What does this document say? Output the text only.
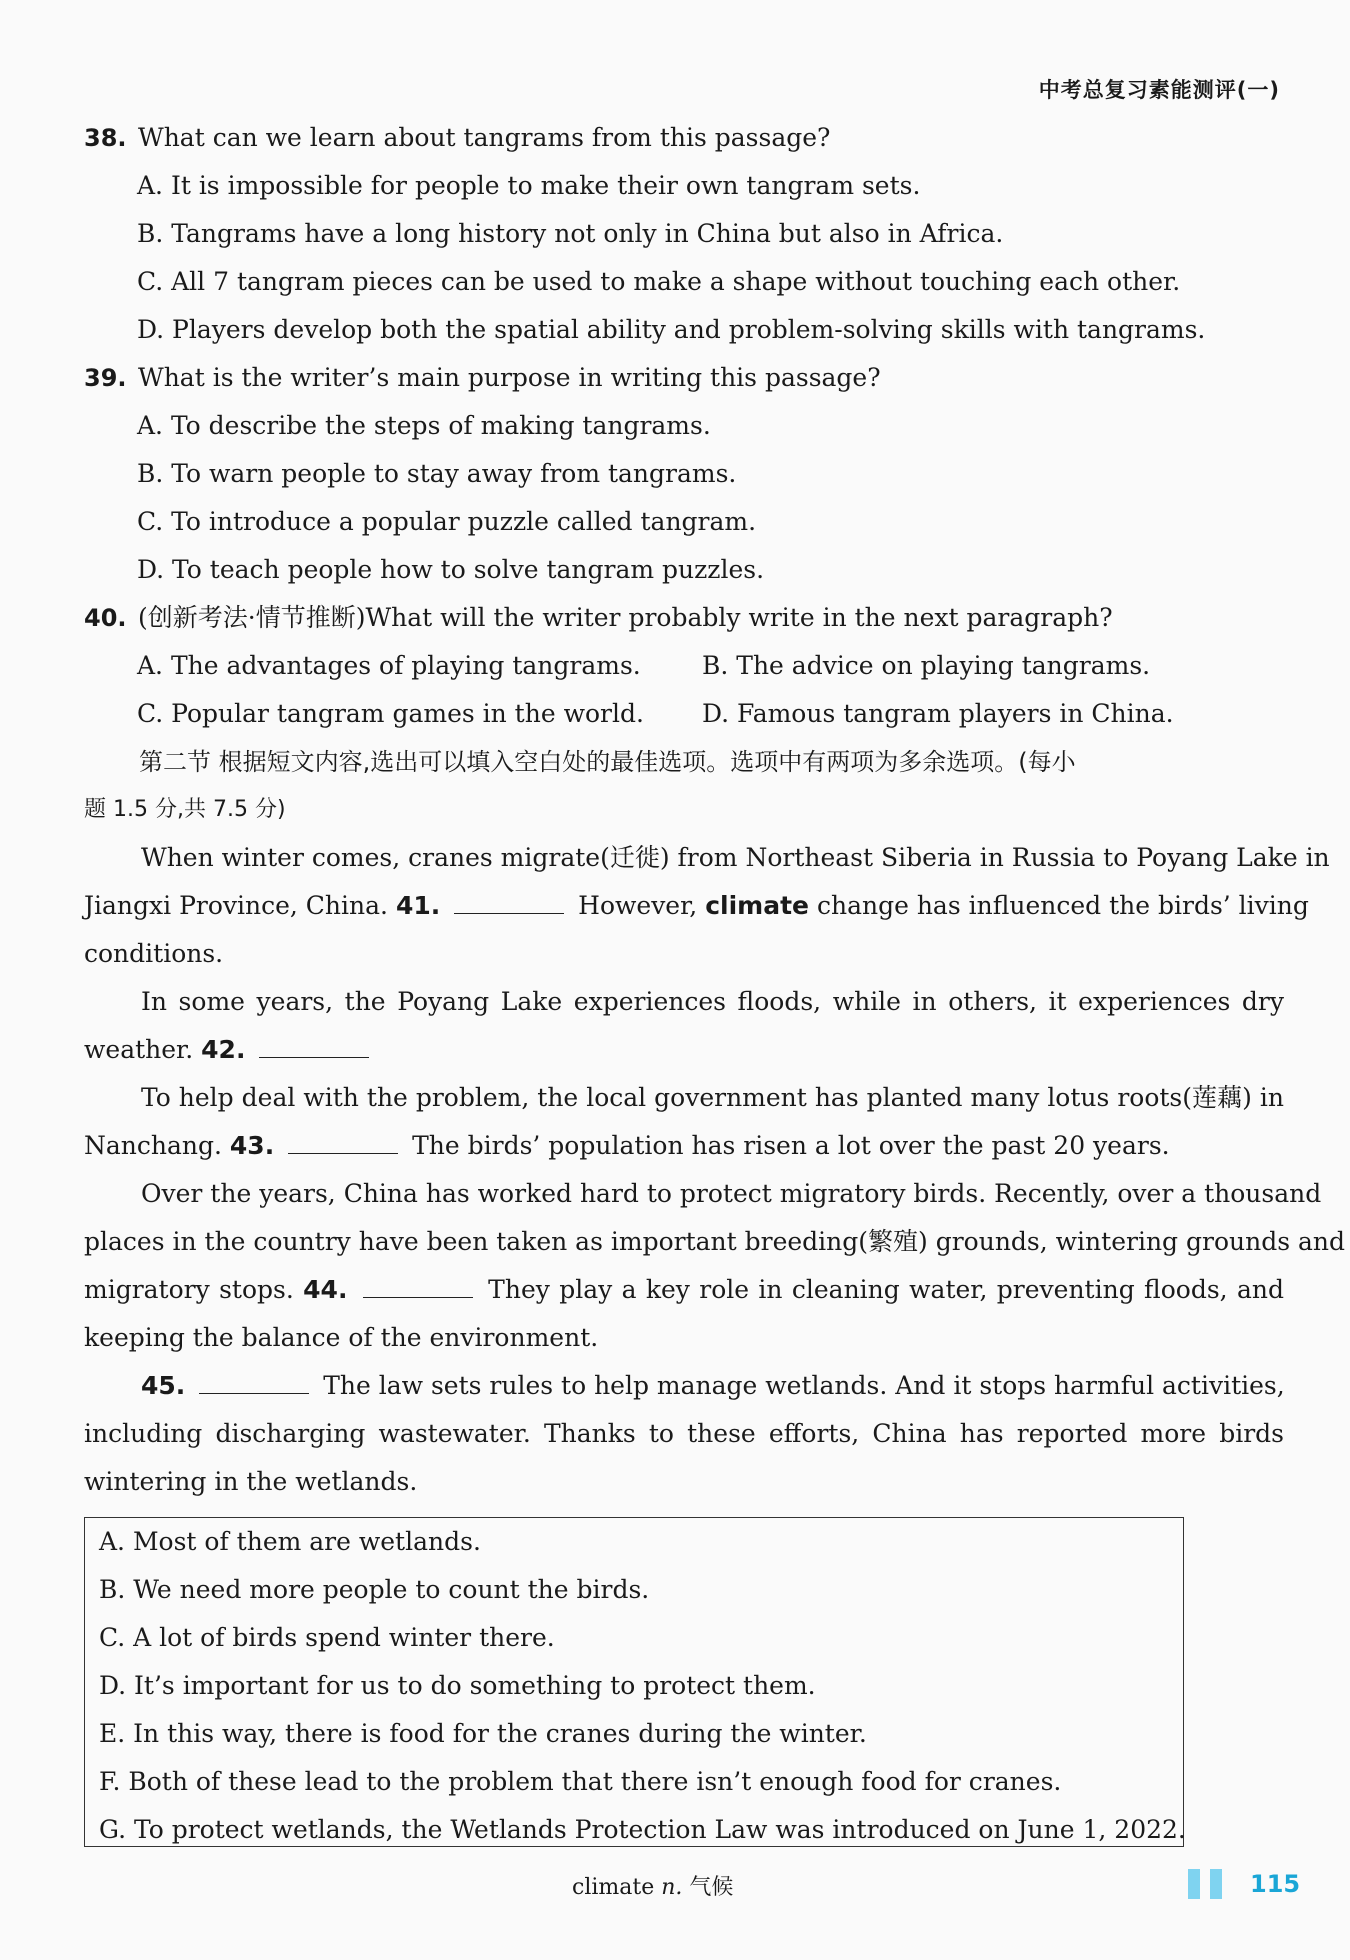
中考总复习素能测评(一)
38. What can we learn about tangrams from this passage?
A. It is impossible for people to make their own tangram sets.
B. Tangrams have a long history not only in China but also in Africa.
C. All 7 tangram pieces can be used to make a shape without touching each other.
D. Players develop both the spatial ability and problem-solving skills with tangrams.
39. What is the writer’s main purpose in writing this passage?
A. To describe the steps of making tangrams.
B. To warn people to stay away from tangrams.
C. To introduce a popular puzzle called tangram.
D. To teach people how to solve tangram puzzles.
40. (创新考法·情节推断)What will the writer probably write in the next paragraph?
A. The advantages of playing tangrams.	B. The advice on playing tangrams.
C. Popular tangram games in the world.	D. Famous tangram players in China.
第二节 根据短文内容,选出可以填入空白处的最佳选项。选项中有两项为多余选项。(每小
题 1.5 分,共 7.5 分)
When winter comes, cranes migrate(迁徙) from Northeast Siberia in Russia to Poyang Lake in
Jiangxi Province, China. 41.	However, climate change has influenced the birds’ living
conditions.
In some years, the Poyang Lake experiences floods, while in others, it experiences dry
weather. 42.
To help deal with the problem, the local government has planted many lotus roots(莲藕) in
Nanchang. 43.	The birds’ population has risen a lot over the past 20 years.
Over the years, China has worked hard to protect migratory birds. Recently, over a thousand
places in the country have been taken as important breeding(繁殖) grounds, wintering grounds and
migratory stops. 44.	They play a key role in cleaning water, preventing floods, and
keeping the balance of the environment.
45.	The law sets rules to help manage wetlands. And it stops harmful activities,
including discharging wastewater. Thanks to these efforts, China has reported more birds
wintering in the wetlands.
A. Most of them are wetlands.
B. We need more people to count the birds.
C. A lot of birds spend winter there.
D. It’s important for us to do something to protect them.
E. In this way, there is food for the cranes during the winter.
F. Both of these lead to the problem that there isn’t enough food for cranes.
G. To protect wetlands, the Wetlands Protection Law was introduced on June 1, 2022.
climate n. 气候	115
